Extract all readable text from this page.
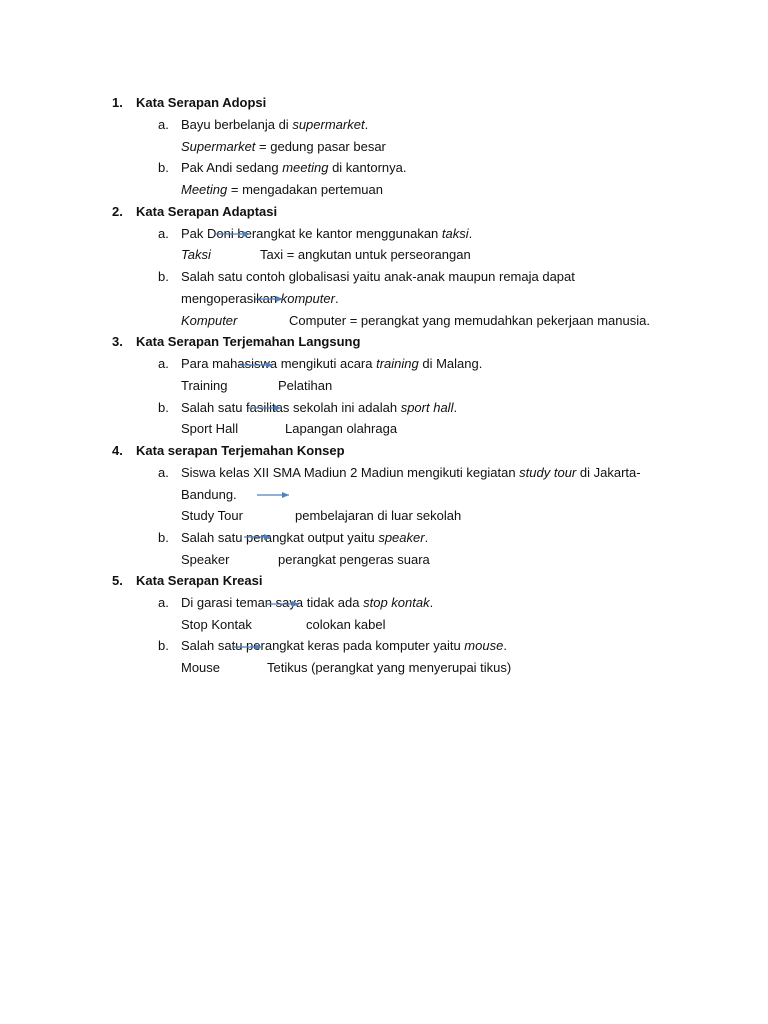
1. Kata Serapan Adopsi
a. Bayu berbelanja di supermarket.
Supermarket = gedung pasar besar
b. Pak Andi sedang meeting di kantornya.
Meeting = mengadakan pertemuan
2. Kata Serapan Adaptasi
a. Pak Doni berangkat ke kantor menggunakan taksi.
Taksi	Taxi = angkutan untuk perseorangan
b. Salah satu contoh globalisasi yaitu anak-anak maupun remaja dapat
mengoperasikan komputer.
Komputer	Computer = perangkat yang memudahkan pekerjaan manusia.
3. Kata Serapan Terjemahan Langsung
a. Para mahasiswa mengikuti acara training di Malang.
Training	Pelatihan
b. Salah satu fasilitas sekolah ini adalah sport hall.
Sport Hall	Lapangan olahraga
4. Kata serapan Terjemahan Konsep
a. Siswa kelas XII SMA Madiun 2 Madiun mengikuti kegiatan study tour di Jakarta-
Bandung.
Study Tour	pembelajaran di luar sekolah
b. Salah satu perangkat output yaitu speaker.
Speaker	perangkat pengeras suara
5. Kata Serapan Kreasi
a. Di garasi teman saya tidak ada stop kontak.
Stop Kontak	colokan kabel
b. Salah satu perangkat keras pada komputer yaitu mouse.
Mouse	Tetikus (perangkat yang menyerupai tikus)
